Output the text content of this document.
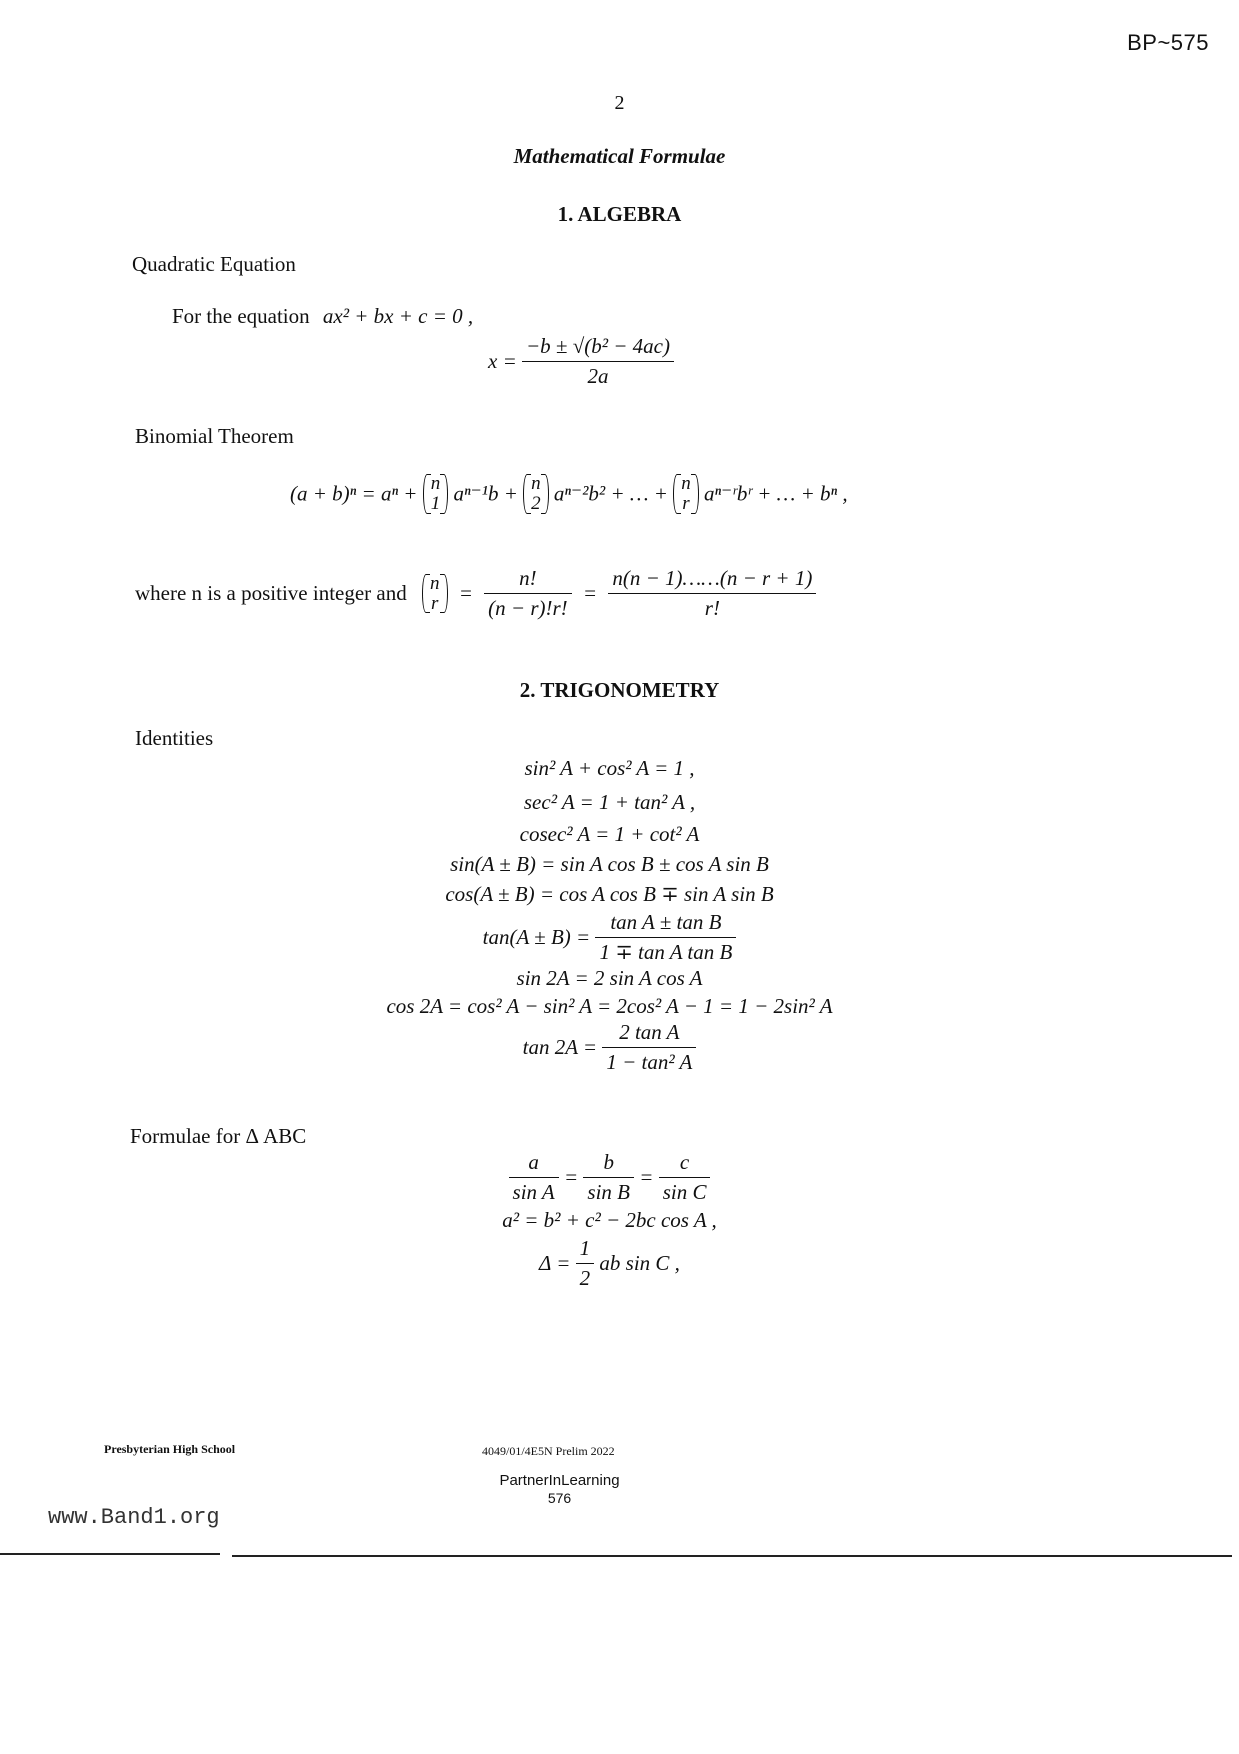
BP~575
2
Mathematical Formulae
1. ALGEBRA
Quadratic Equation
For the equation ax² + bx + c = 0 ,
$x = \frac{\text{−b ± √(b² − 4ac)}}{2a}$
Binomial Theorem
(a + b)ⁿ = aⁿ + n
1 aⁿ⁻¹b + n
2 aⁿ⁻²b² + … + n
r aⁿ⁻ʳbʳ + … + bⁿ ,
where n is a positive integer and n
$r = \frac{n!}{(n - r)!r!} = \frac{n(n - 1)\dots\dots(n - r + 1)}{r!}$
2. TRIGONOMETRY
Identities
sin² A + cos² A = 1 ,
sec² A = 1 + tan² A ,
cosec² A = 1 + cot² A
sin(A ± B) = sin A cos B ± cos A sin B
cos(A ± B) = cos A cos B ∓ sin A sin B
$\tan(A \pm B) = \frac{\text{tan A ± tan B}}{\text{1 ∓ tan A tan B}}$
sin 2A = 2 sin A cos A
cos 2A = cos² A − sin² A = 2cos² A − 1 = 1 − 2sin² A
$\tan 2A = \frac{\text{2 tan A}}{\text{1 − tan² A}}$
Formulae for Δ ABC
$\frac{a}{\text{sin A}} = \frac{b}{\text{sin B}} = \frac{c}{\text{sin C}}$
a² = b² + c² − 2bc cos A ,
$\Delta = \frac{1}{2}$ ab sin C ,
Presbyterian High School	4049/01/4E5N Prelim 2022
PartnerInLearning
576
www.Band1.org
